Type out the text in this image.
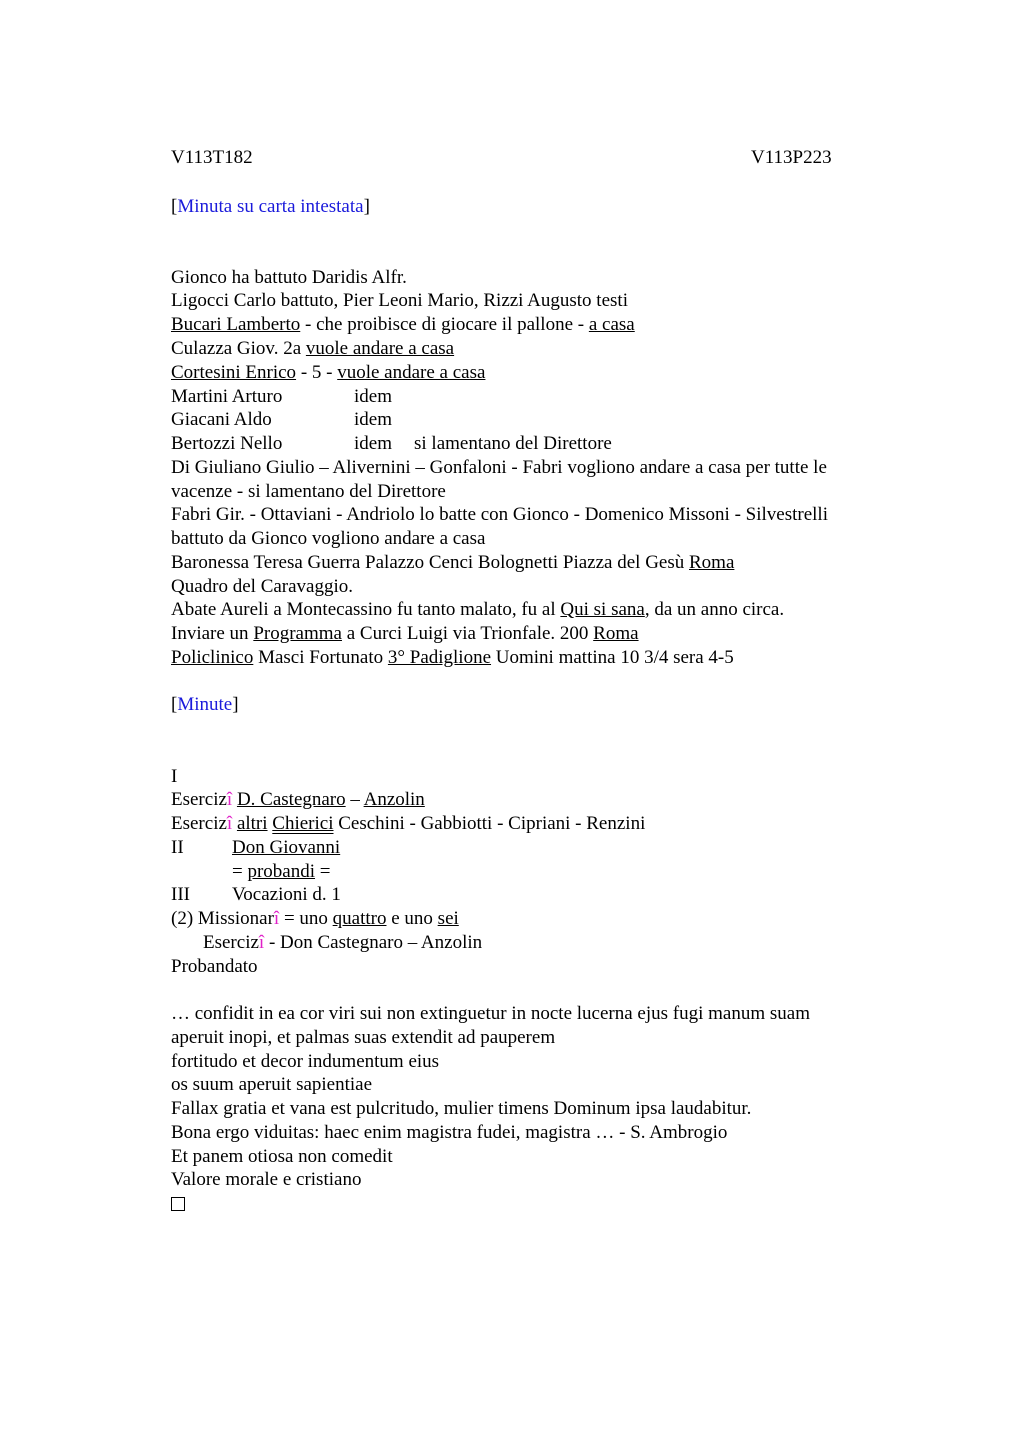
V113T182	V113P223
[Minuta su carta intestata]
Gionco ha battuto Daridis Alfr.
Ligocci Carlo battuto, Pier Leoni Mario, Rizzi Augusto testi
Bucari Lamberto - che proibisce di giocare il pallone - a casa
Culazza Giov. 2a vuole andare a casa
Cortesini Enrico - 5 - vuole andare a casa
Martini Arturo	idem
Giacani Aldo	idem
Bertozzi Nello	idem si lamentano del Direttore
Di Giuliano Giulio – Alivernini – Gonfaloni - Fabri vogliono andare a casa per tutte le
vacenze - si lamentano del Direttore
Fabri Gir. - Ottaviani - Andriolo lo batte con Gionco - Domenico Missoni - Silvestrelli
battuto da Gionco vogliono andare a casa
Baronessa Teresa Guerra Palazzo Cenci Bolognetti Piazza del Gesù Roma
Quadro del Caravaggio.
Abate Aureli a Montecassino fu tanto malato, fu al Qui si sana, da un anno circa.
Inviare un Programma a Curci Luigi via Trionfale. 200 Roma
Policlinico Masci Fortunato 3° Padiglione Uomini mattina 10 3/4 sera 4-5
[Minute]
I
Esercizî D. Castegnaro – Anzolin
Esercizî altri Chierici Ceschini - Gabbiotti - Cipriani - Renzini
II	Don Giovanni
= probandi =
III Vocazioni d. 1
(2) Missionarî = uno quattro e uno sei
Esercizî - Don Castegnaro – Anzolin
Probandato
… confidit in ea cor viri sui non extinguetur in nocte lucerna ejus fugi manum suam
aperuit inopi, et palmas suas extendit ad pauperem
fortitudo et decor indumentum eius
os suum aperuit sapientiae
Fallax gratia et vana est pulcritudo, mulier timens Dominum ipsa laudabitur.
Bona ergo viduitas: haec enim magistra fudei, magistra … - S. Ambrogio
Et panem otiosa non comedit
Valore morale e cristiano
